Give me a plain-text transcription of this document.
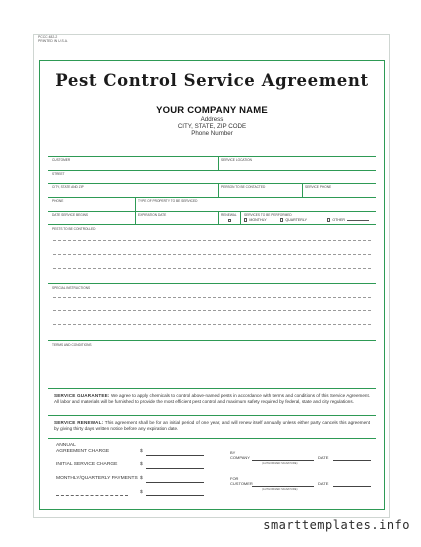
PCCC 482-2
PRINTED IN U.S.A.
Pest Control Service Agreement
YOUR COMPANY NAME
Address
CITY, STATE, ZIP CODE
Phone Number
CUSTOMER	SERVICE LOCATION
STREET
CITY, STATE AND ZIP	PERSON TO BE CONTACTED	SERVICE PHONE
PHONE	TYPE OF PROPERTY TO BE SERVICED
DATE SERVICE BEGINS	EXPIRATION DATE	RENEWAL SERVICES TO BE PERFORMED
MONTHLY	QUARTERLY	OTHER
PESTS TO BE CONTROLLED
SPECIAL INSTRUCTIONS
TERMS AND CONDITIONS
SERVICE GUARANTEE: We agree to apply chemicals to control above-named pests in accordance with terms and conditions of this Service Agreement. All labor and materials will be furnished to provide the most efficient pest control and maximum safety required by federal, state and city regulations.
SERVICE RENEWAL: This agreement shall be for an initial period of one year, and will renew itself annually unless either party cancels this agreement by giving thirty days written notice before any expiration date.
ANNUAL
AGREEMENT CHARGE	$
INITIAL SERVICE CHARGE	$
MONTHLY/QUARTERLY PAYMENTS $
$
BY
COMPANY
(AUTHORIZED SIGNATURE)
DATE
FOR
CUSTOMER
(AUTHORIZED SIGNATURE)
DATE
smarttemplates.info
